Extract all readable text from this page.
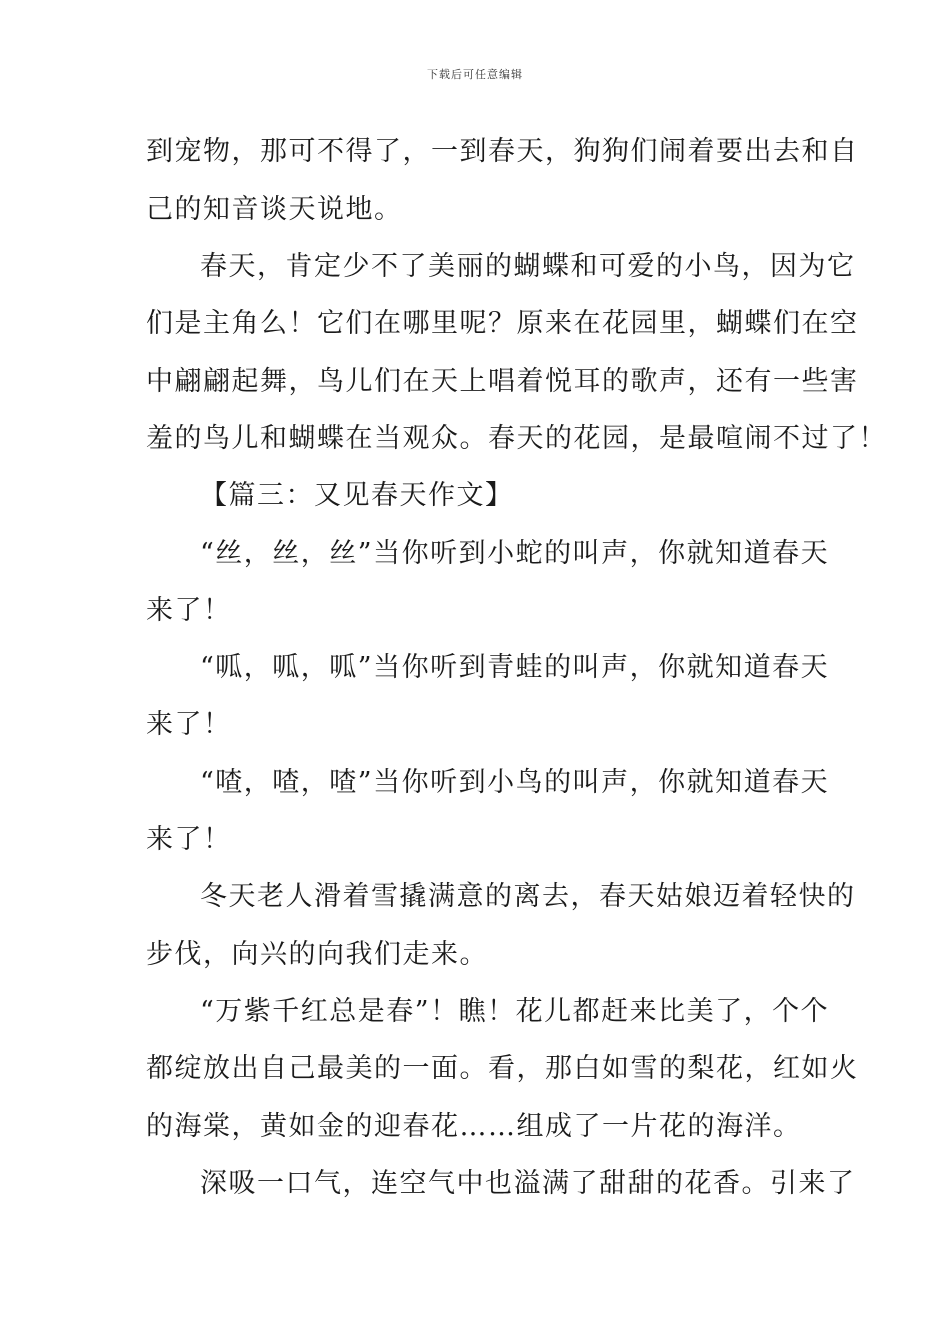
下载后可任意编辑
到宠物，那可不得了，一到春天，狗狗们闹着要出去和自
己的知音谈天说地。
春天，肯定少不了美丽的蝴蝶和可爱的小鸟，因为它
们是主角么！它们在哪里呢？原来在花园里，蝴蝶们在空
中翩翩起舞，鸟儿们在天上唱着悦耳的歌声，还有一些害
羞的鸟儿和蝴蝶在当观众。春天的花园，是最喧闹不过了！
【篇三：又见春天作文】
“丝，丝，丝”当你听到小蛇的叫声，你就知道春天
来了！
“呱，呱，呱”当你听到青蛙的叫声，你就知道春天
来了！
“喳，喳，喳”当你听到小鸟的叫声，你就知道春天
来了！
冬天老人滑着雪撬满意的离去，春天姑娘迈着轻快的
步伐，向兴的向我们走来。
“万紫千红总是春”！瞧！花儿都赶来比美了，个个
都绽放出自己最美的一面。看，那白如雪的梨花，红如火
的海棠，黄如金的迎春花……组成了一片花的海洋。
深吸一口气，连空气中也溢满了甜甜的花香。引来了
